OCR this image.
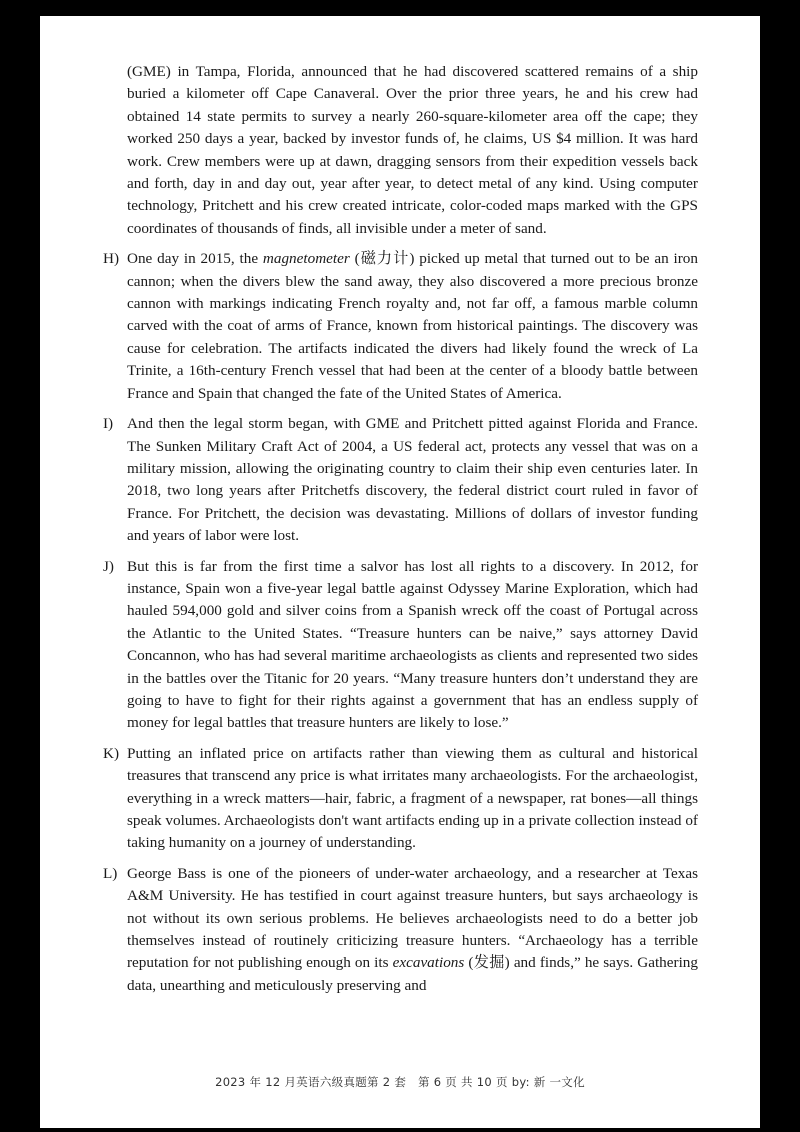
(GME) in Tampa, Florida, announced that he had discovered scattered remains of a ship buried a kilometer off Cape Canaveral. Over the prior three years, he and his crew had obtained 14 state permits to survey a nearly 260-square-kilometer area off the cape; they worked 250 days a year, backed by investor funds of, he claims, US $4 million. It was hard work. Crew members were up at dawn, dragging sensors from their expedition vessels back and forth, day in and day out, year after year, to detect metal of any kind. Using computer technology, Pritchett and his crew created intricate, color-coded maps marked with the GPS coordinates of thousands of finds, all invisible under a meter of sand.

H) One day in 2015, the magnetometer (磁力计) picked up metal that turned out to be an iron cannon; when the divers blew the sand away, they also discovered a more precious bronze cannon with markings indicating French royalty and, not far off, a famous marble column carved with the coat of arms of France, known from historical paintings. The discovery was cause for celebration. The artifacts indicated the divers had likely found the wreck of La Trinite, a 16th-century French vessel that had been at the center of a bloody battle between France and Spain that changed the fate of the United States of America.

I) And then the legal storm began, with GME and Pritchett pitted against Florida and France. The Sunken Military Craft Act of 2004, a US federal act, protects any vessel that was on a military mission, allowing the originating country to claim their ship even centuries later. In 2018, two long years after Pritchetfs discovery, the federal district court ruled in favor of France. For Pritchett, the decision was devastating. Millions of dollars of investor funding and years of labor were lost.

J) But this is far from the first time a salvor has lost all rights to a discovery. In 2012, for instance, Spain won a five-year legal battle against Odyssey Marine Exploration, which had hauled 594,000 gold and silver coins from a Spanish wreck off the coast of Portugal across the Atlantic to the United States. “Treasure hunters can be naive,” says attorney David Concannon, who has had several maritime archaeologists as clients and represented two sides in the battles over the Titanic for 20 years. “Many treasure hunters don’t understand they are going to have to fight for their rights against a government that has an endless supply of money for legal battles that treasure hunters are likely to lose.”

K) Putting an inflated price on artifacts rather than viewing them as cultural and historical treasures that transcend any price is what irritates many archaeologists. For the archaeologist, everything in a wreck matters—hair, fabric, a fragment of a newspaper, rat bones—all things speak volumes. Archaeologists don't want artifacts ending up in a private collection instead of taking humanity on a journey of understanding.

L) George Bass is one of the pioneers of under-water archaeology, and a researcher at Texas A&M University. He has testified in court against treasure hunters, but says archaeology is not without its own serious problems. He believes archaeologists need to do a better job themselves instead of routinely criticizing treasure hunters. “Archaeology has a terrible reputation for not publishing enough on its excavations (发掘) and finds,” he says. Gathering data, unearthing and meticulously preserving and

2023 年 12 月英语六级真题第 2 套　第 6 页 共 10 页 by: 新 一文化
